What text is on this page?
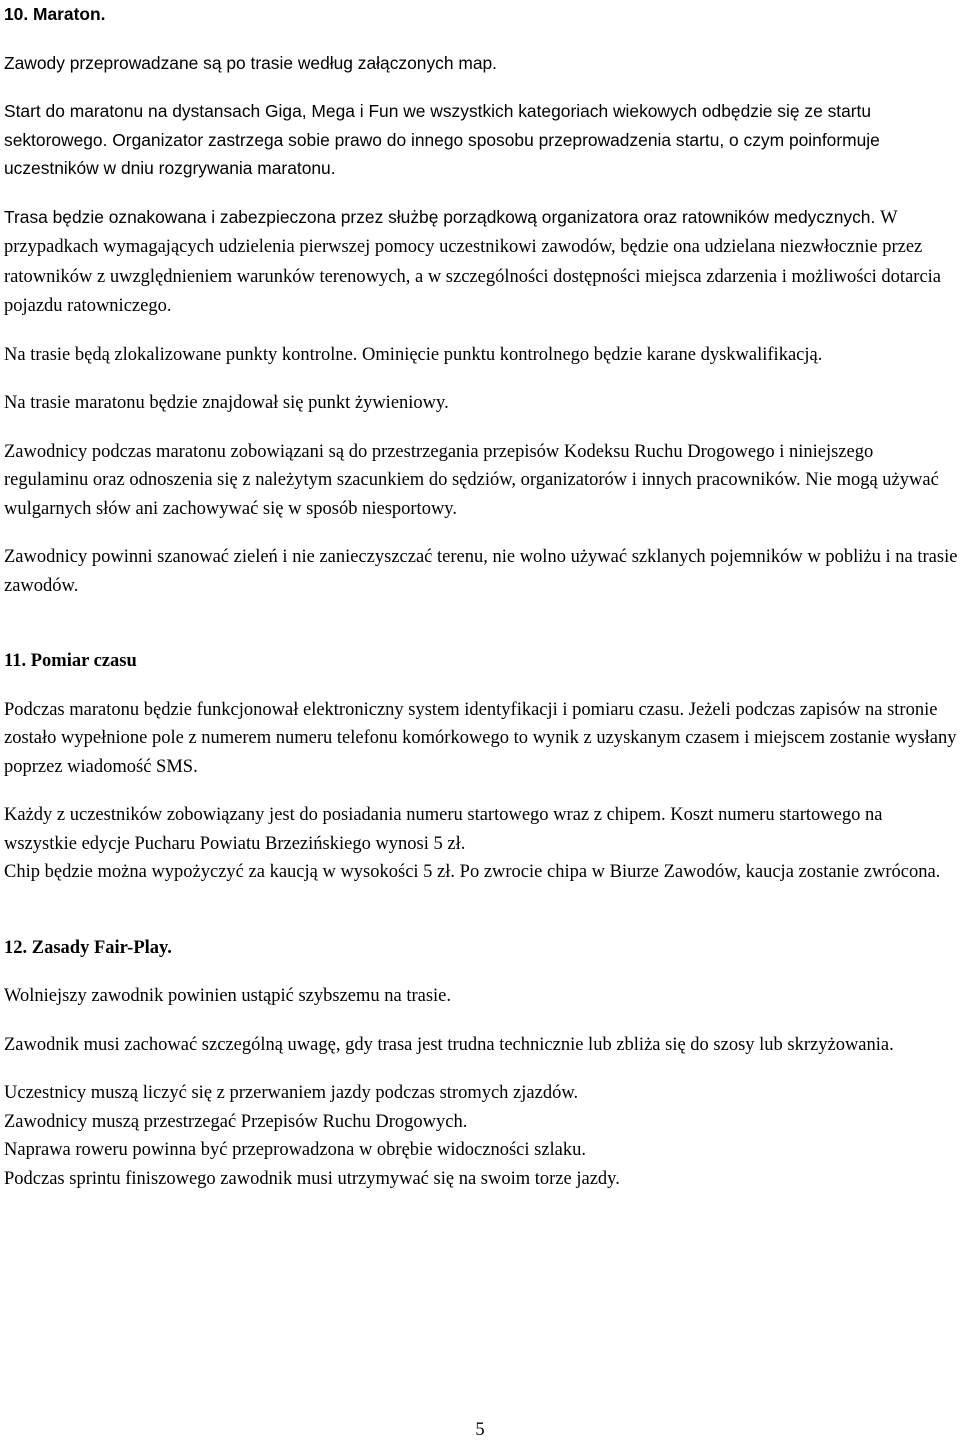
10. Maraton.

Zawody przeprowadzane są po trasie według załączonych map.

Start do maratonu na dystansach Giga, Mega i Fun we wszystkich kategoriach wiekowych odbędzie się ze startu sektorowego. Organizator zastrzega sobie prawo do innego sposobu przeprowadzenia startu, o czym poinformuje uczestników w dniu rozgrywania maratonu.

Trasa będzie oznakowana i zabezpieczona przez służbę porządkową organizatora oraz ratowników medycznych. W przypadkach wymagających udzielenia pierwszej pomocy uczestnikowi zawodów, będzie ona udzielana niezwłocznie przez ratowników z uwzględnieniem warunków terenowych, a w szczególności dostępności miejsca zdarzenia i możliwości dotarcia pojazdu ratowniczego.

Na trasie będą zlokalizowane punkty kontrolne. Ominięcie punktu kontrolnego będzie karane dyskwalifikacją.

Na trasie maratonu będzie znajdował się punkt żywieniowy.

Zawodnicy podczas maratonu zobowiązani są do przestrzegania przepisów Kodeksu Ruchu Drogowego i niniejszego regulaminu oraz odnoszenia się z należytym szacunkiem do sędziów, organizatorów i innych pracowników. Nie mogą używać wulgarnych słów ani zachowywać się w sposób niesportowy.

Zawodnicy powinni szanować zieleń i nie zanieczyszczać terenu, nie wolno używać szklanych pojemników w pobliżu i na trasie zawodów.

11. Pomiar czasu

Podczas maratonu będzie funkcjonował elektroniczny system identyfikacji i pomiaru czasu. Jeżeli podczas zapisów na stronie zostało wypełnione pole z numerem numeru telefonu komórkowego to wynik z uzyskanym czasem i miejscem zostanie wysłany poprzez wiadomość SMS.

Każdy z uczestników zobowiązany jest do posiadania numeru startowego wraz z chipem. Koszt numeru startowego na wszystkie edycje Pucharu Powiatu Brzezińskiego wynosi 5 zł.

Chip będzie można wypożyczyć za kaucją w wysokości 5 zł. Po zwrocie chipa w Biurze Zawodów, kaucja zostanie zwrócona.

12. Zasady Fair-Play.

Wolniejszy zawodnik powinien ustąpić szybszemu na trasie.

Zawodnik musi zachować szczególną uwagę, gdy trasa jest trudna technicznie lub zbliża się do szosy lub skrzyżowania.

Uczestnicy muszą liczyć się z przerwaniem jazdy podczas stromych zjazdów.

Zawodnicy muszą przestrzegać Przepisów Ruchu Drogowych.

Naprawa roweru powinna być przeprowadzona w obrębie widoczności szlaku.

Podczas sprintu finiszowego zawodnik musi utrzymywać się na swoim torze jazdy.

5
